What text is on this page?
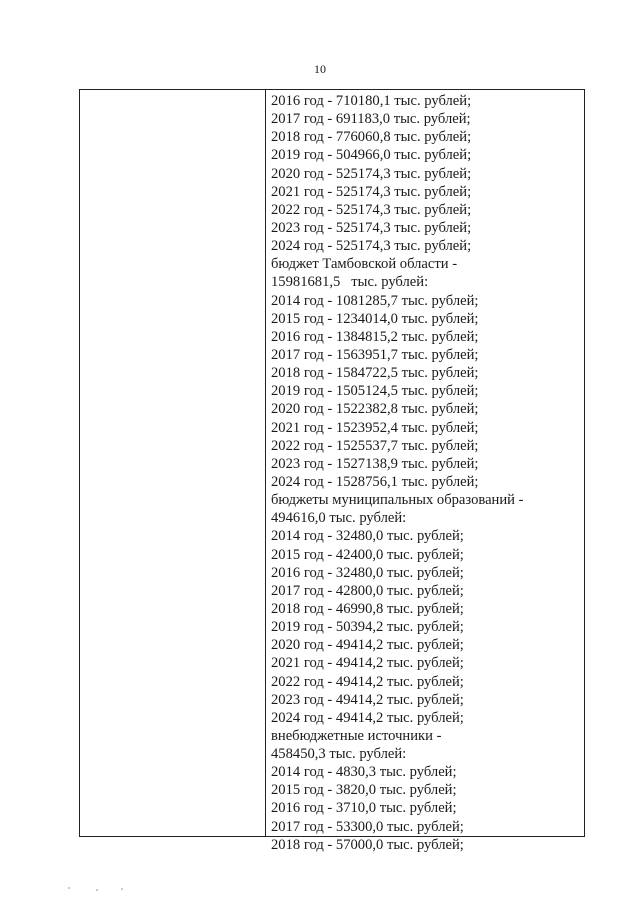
10
2016 год - 710180,1 тыс. рублей;
2017 год - 691183,0 тыс. рублей;
2018 год - 776060,8 тыс. рублей;
2019 год - 504966,0 тыс. рублей;
2020 год - 525174,3 тыс. рублей;
2021 год - 525174,3 тыс. рублей;
2022 год - 525174,3 тыс. рублей;
2023 год - 525174,3 тыс. рублей;
2024 год - 525174,3 тыс. рублей;
бюджет Тамбовской области -
15981681,5   тыс. рублей:
2014 год - 1081285,7 тыс. рублей;
2015 год - 1234014,0 тыс. рублей;
2016 год - 1384815,2 тыс. рублей;
2017 год - 1563951,7 тыс. рублей;
2018 год - 1584722,5 тыс. рублей;
2019 год - 1505124,5 тыс. рублей;
2020 год - 1522382,8 тыс. рублей;
2021 год - 1523952,4 тыс. рублей;
2022 год - 1525537,7 тыс. рублей;
2023 год - 1527138,9 тыс. рублей;
2024 год - 1528756,1 тыс. рублей;
бюджеты муниципальных образований -
494616,0 тыс. рублей:
2014 год - 32480,0 тыс. рублей;
2015 год - 42400,0 тыс. рублей;
2016 год - 32480,0 тыс. рублей;
2017 год - 42800,0 тыс. рублей;
2018 год - 46990,8 тыс. рублей;
2019 год - 50394,2 тыс. рублей;
2020 год - 49414,2 тыс. рублей;
2021 год - 49414,2 тыс. рублей;
2022 год - 49414,2 тыс. рублей;
2023 год - 49414,2 тыс. рублей;
2024 год - 49414,2 тыс. рублей;
внебюджетные источники -
458450,3 тыс. рублей:
2014 год - 4830,3 тыс. рублей;
2015 год - 3820,0 тыс. рублей;
2016 год - 3710,0 тыс. рублей;
2017 год - 53300,0 тыс. рублей;
2018 год - 57000,0 тыс. рублей;
